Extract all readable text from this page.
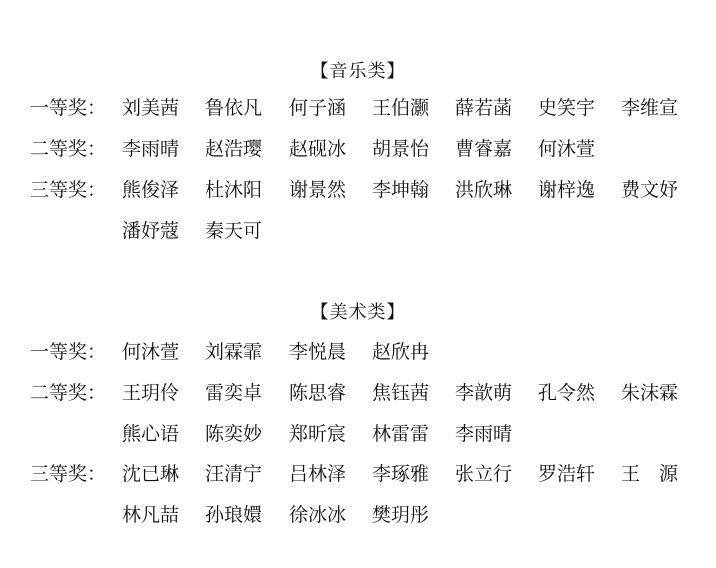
【音乐类】
一等奖： 刘美茜	鲁依凡	何子涵	王伯灏	薛若菡	史笑宇	李维宣
二等奖： 李雨晴	赵浩璎	赵砚冰	胡景怡	曹睿嘉	何沐萱
三等奖： 熊俊泽	杜沐阳	谢景然	李坤翰	洪欣琳	谢梓逸	费文妤
潘妤蔻	秦天可
【美术类】
一等奖： 何沐萱	刘霖霏	李悦晨	赵欣冉
二等奖： 王玥伶	雷奕卓	陈思睿	焦钰茜	李歆萌	孔令然	朱沫霖
熊心语	陈奕妙	郑昕宸	林雷雷	李雨晴
三等奖： 沈已琳	汪清宁	吕林泽	李琢雅	张立行	罗浩轩	王　源
林凡喆	孙琅嬛	徐冰冰	樊玥彤
